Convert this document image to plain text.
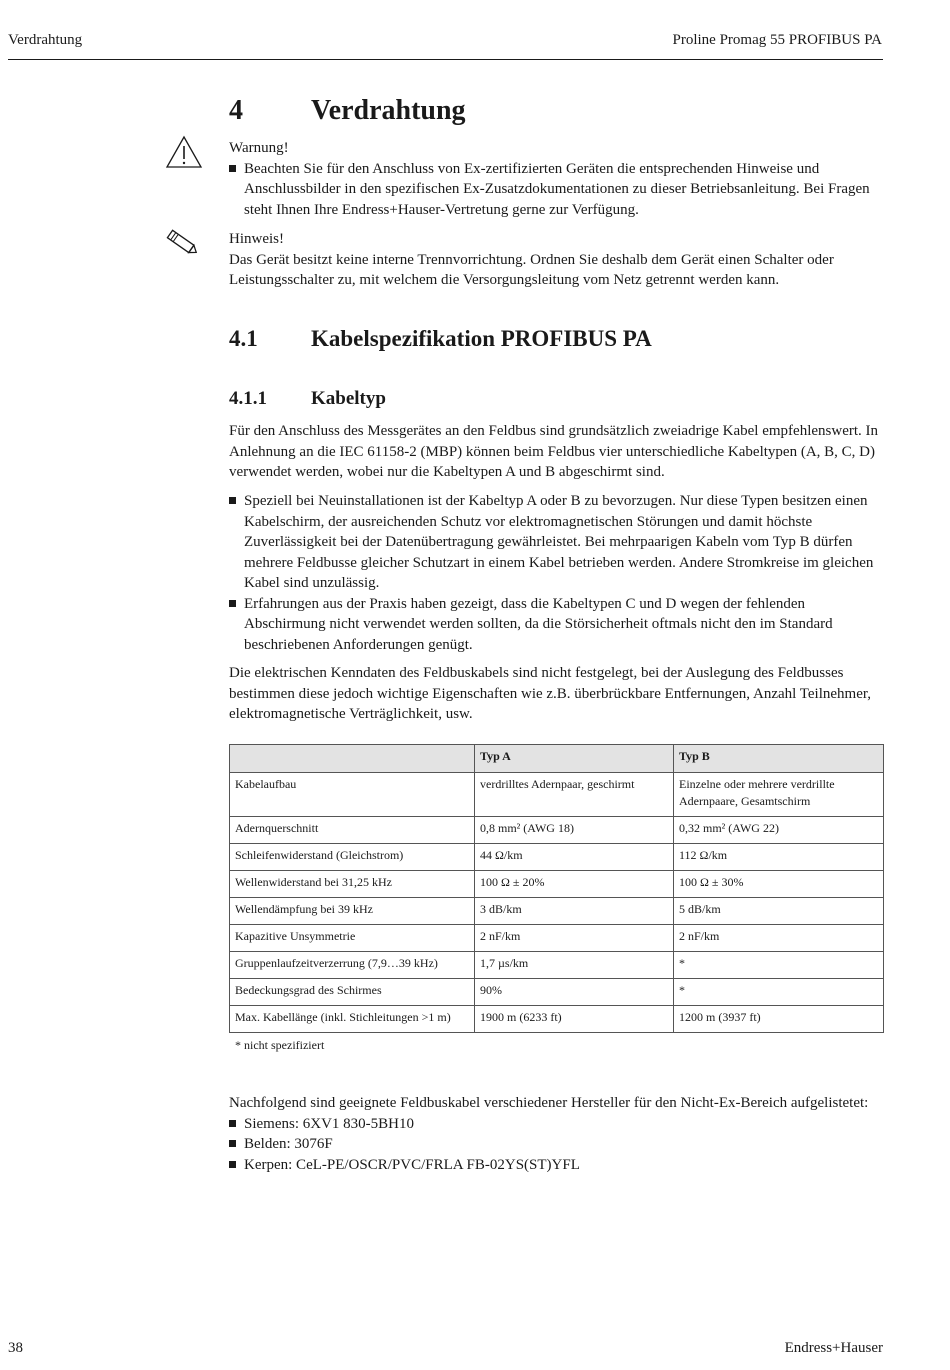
Verdrahtung	Proline Promag 55 PROFIBUS PA
4 Verdrahtung
Warnung!
Beachten Sie für den Anschluss von Ex-zertifizierten Geräten die entsprechenden Hinweise und Anschlussbilder in den spezifischen Ex-Zusatzdokumentationen zu dieser Betriebsanleitung. Bei Fragen steht Ihnen Ihre Endress+Hauser-Vertretung gerne zur Verfügung.
Hinweis!
Das Gerät besitzt keine interne Trennvorrichtung. Ordnen Sie deshalb dem Gerät einen Schalter oder Leistungsschalter zu, mit welchem die Versorgungsleitung vom Netz getrennt werden kann.
4.1 Kabelspezifikation PROFIBUS PA
4.1.1 Kabeltyp
Für den Anschluss des Messgerätes an den Feldbus sind grundsätzlich zweiadrige Kabel empfehlenswert. In Anlehnung an die IEC 61158-2 (MBP) können beim Feldbus vier unterschiedliche Kabeltypen (A, B, C, D) verwendet werden, wobei nur die Kabeltypen A und B abgeschirmt sind.
Speziell bei Neuinstallationen ist der Kabeltyp A oder B zu bevorzugen. Nur diese Typen besitzen einen Kabelschirm, der ausreichenden Schutz vor elektromagnetischen Störungen und damit höchste Zuverlässigkeit bei der Datenübertragung gewährleistet. Bei mehrpaarigen Kabeln vom Typ B dürfen mehrere Feldbusse gleicher Schutzart in einem Kabel betrieben werden. Andere Stromkreise im gleichen Kabel sind unzulässig.
Erfahrungen aus der Praxis haben gezeigt, dass die Kabeltypen C und D wegen der fehlenden Abschirmung nicht verwendet werden sollten, da die Störsicherheit oftmals nicht den im Standard beschriebenen Anforderungen genügt.
Die elektrischen Kenndaten des Feldbuskabels sind nicht festgelegt, bei der Auslegung des Feldbusses bestimmen diese jedoch wichtige Eigenschaften wie z.B. überbrückbare Entfernungen, Anzahl Teilnehmer, elektromagnetische Verträglichkeit, usw.
	Typ A	Typ B
Kabelaufbau	verdrilltes Adernpaar, geschirmt	Einzelne oder mehrere verdrillte Adernpaare, Gesamtschirm
Adernquerschnitt	0,8 mm² (AWG 18)	0,32 mm² (AWG 22)
Schleifenwiderstand (Gleichstrom)	44 Ω/km	112 Ω/km
Wellenwiderstand bei 31,25 kHz	100 Ω ± 20%	100 Ω ± 30%
Wellendämpfung bei 39 kHz	3 dB/km	5 dB/km
Kapazitive Unsymmetrie	2 nF/km	2 nF/km
Gruppenlaufzeitverzerrung (7,9…39 kHz)	1,7 µs/km	*
Bedeckungsgrad des Schirmes	90%	*
Max. Kabellänge (inkl. Stichleitungen >1 m)	1900 m (6233 ft)	1200 m (3937 ft)
* nicht spezifiziert
Nachfolgend sind geeignete Feldbuskabel verschiedener Hersteller für den Nicht-Ex-Bereich aufgelistetet:
Siemens: 6XV1 830-5BH10
Belden: 3076F
Kerpen: CeL-PE/OSCR/PVC/FRLA FB-02YS(ST)YFL
38	Endress+Hauser
